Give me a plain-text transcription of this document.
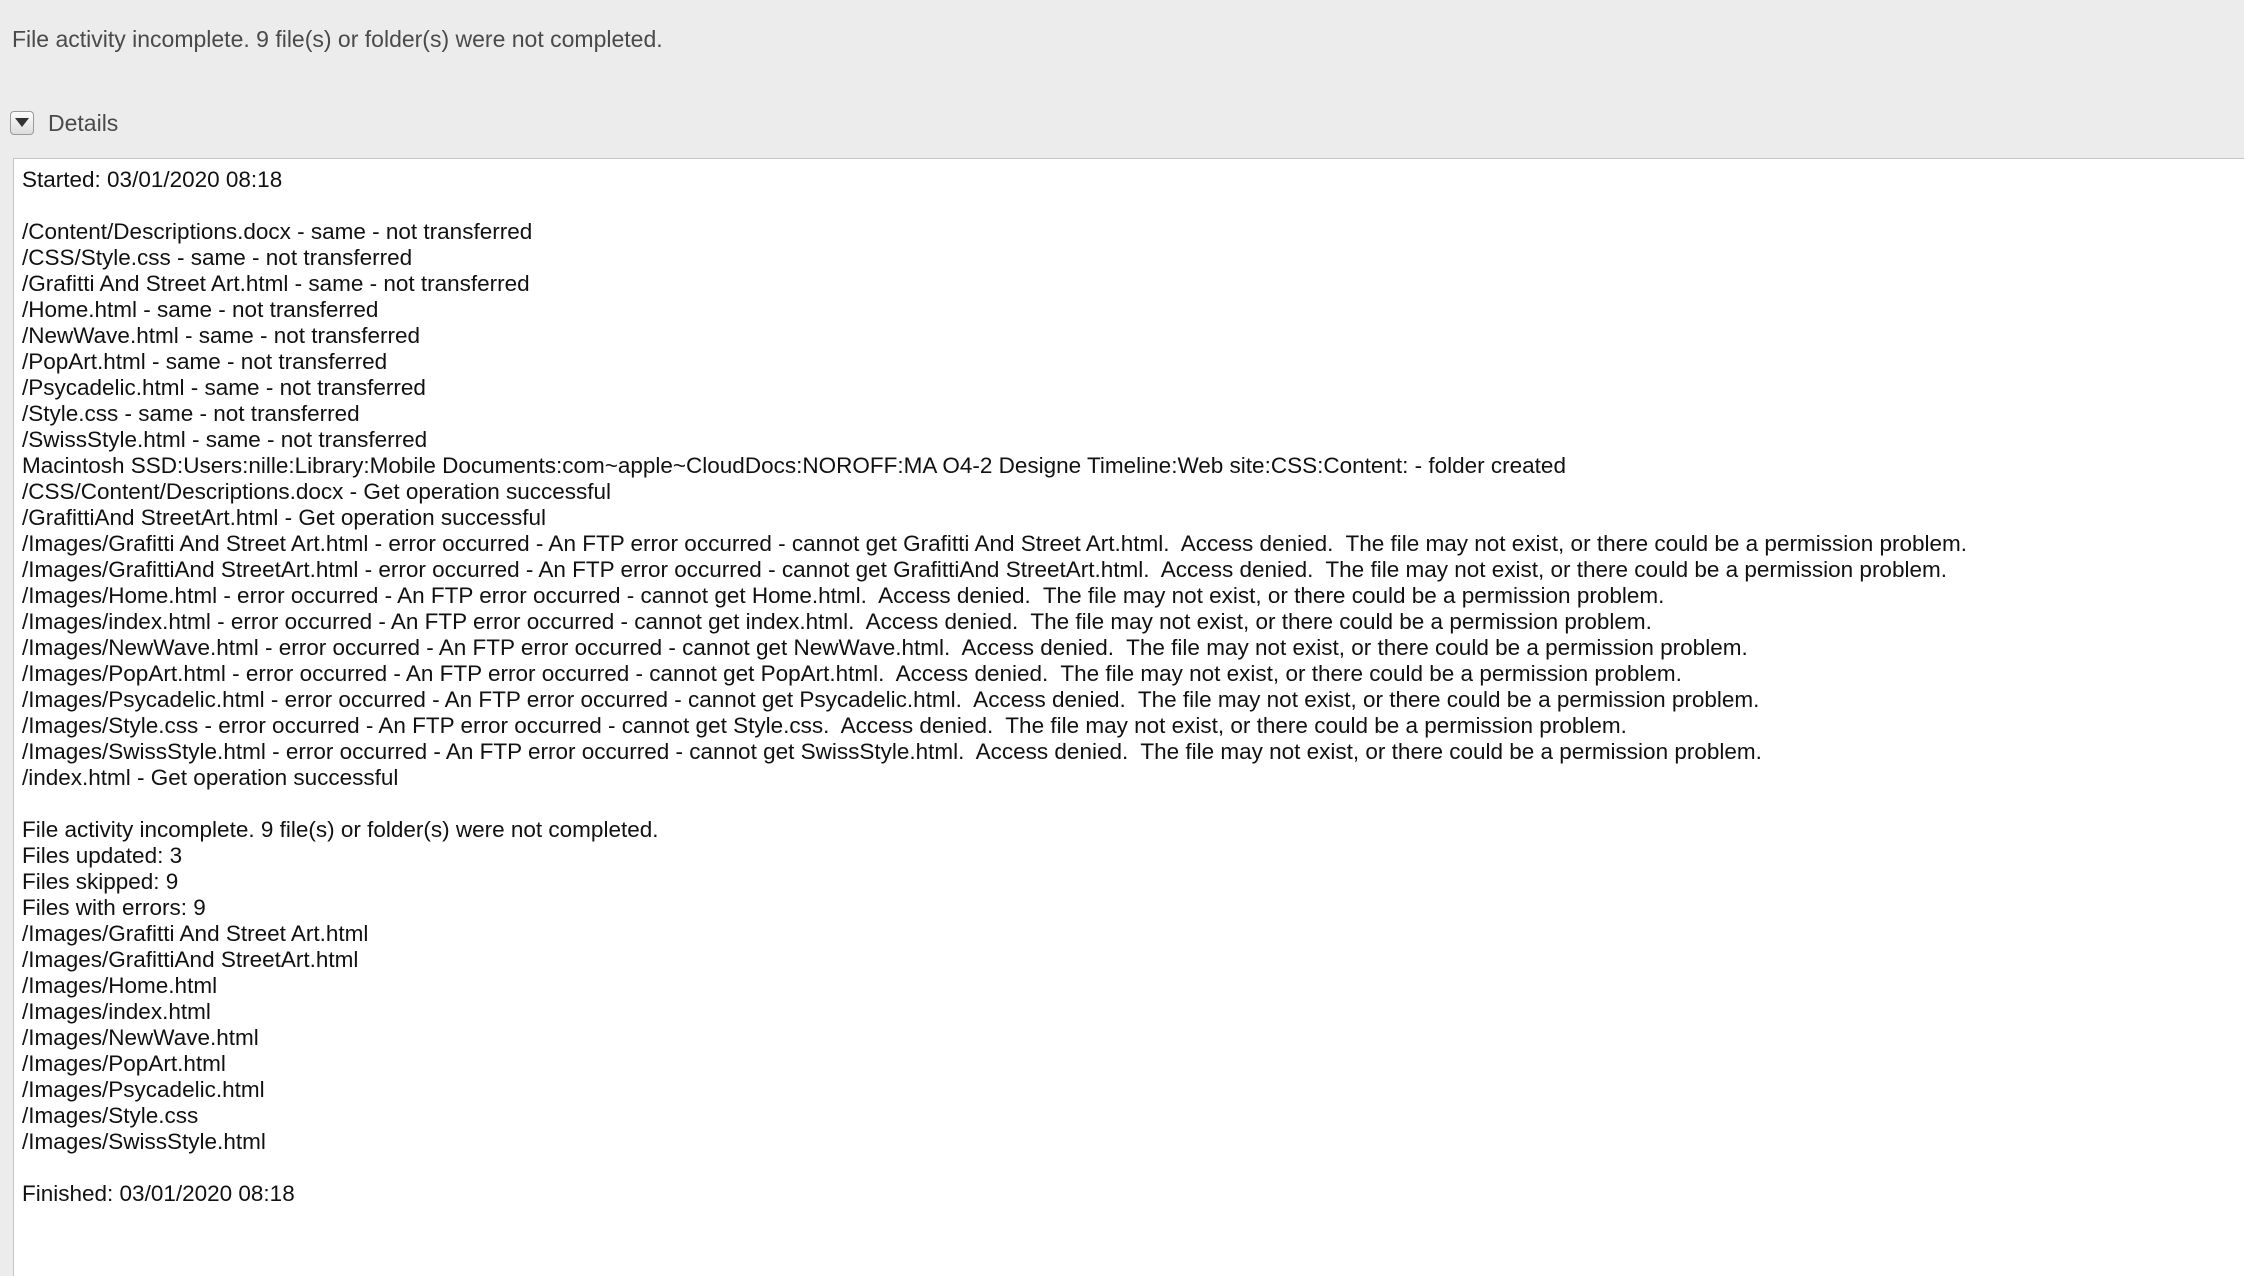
File activity incomplete. 9 file(s) or folder(s) were not completed.
Details
Started: 03/01/2020 08:18
/Content/Descriptions.docx - same - not transferred
/CSS/Style.css - same - not transferred
/Grafitti And Street Art.html - same - not transferred
/Home.html - same - not transferred
/NewWave.html - same - not transferred
/PopArt.html - same - not transferred
/Psycadelic.html - same - not transferred
/Style.css - same - not transferred
/SwissStyle.html - same - not transferred
Macintosh SSD:Users:nille:Library:Mobile Documents:com~apple~CloudDocs:NOROFF:MA O4-2 Designe Timeline:Web site:CSS:Content: - folder created
/CSS/Content/Descriptions.docx - Get operation successful
/GrafittiAnd StreetArt.html - Get operation successful
/Images/Grafitti And Street Art.html - error occurred - An FTP error occurred - cannot get Grafitti And Street Art.html.  Access denied.  The file may not exist, or there could be a permission problem.
/Images/GrafittiAnd StreetArt.html - error occurred - An FTP error occurred - cannot get GrafittiAnd StreetArt.html.  Access denied.  The file may not exist, or there could be a permission problem.
/Images/Home.html - error occurred - An FTP error occurred - cannot get Home.html.  Access denied.  The file may not exist, or there could be a permission problem.
/Images/index.html - error occurred - An FTP error occurred - cannot get index.html.  Access denied.  The file may not exist, or there could be a permission problem.
/Images/NewWave.html - error occurred - An FTP error occurred - cannot get NewWave.html.  Access denied.  The file may not exist, or there could be a permission problem.
/Images/PopArt.html - error occurred - An FTP error occurred - cannot get PopArt.html.  Access denied.  The file may not exist, or there could be a permission problem.
/Images/Psycadelic.html - error occurred - An FTP error occurred - cannot get Psycadelic.html.  Access denied.  The file may not exist, or there could be a permission problem.
/Images/Style.css - error occurred - An FTP error occurred - cannot get Style.css.  Access denied.  The file may not exist, or there could be a permission problem.
/Images/SwissStyle.html - error occurred - An FTP error occurred - cannot get SwissStyle.html.  Access denied.  The file may not exist, or there could be a permission problem.
/index.html - Get operation successful
File activity incomplete. 9 file(s) or folder(s) were not completed.
Files updated: 3
Files skipped: 9
Files with errors: 9
/Images/Grafitti And Street Art.html
/Images/GrafittiAnd StreetArt.html
/Images/Home.html
/Images/index.html
/Images/NewWave.html
/Images/PopArt.html
/Images/Psycadelic.html
/Images/Style.css
/Images/SwissStyle.html
Finished: 03/01/2020 08:18
